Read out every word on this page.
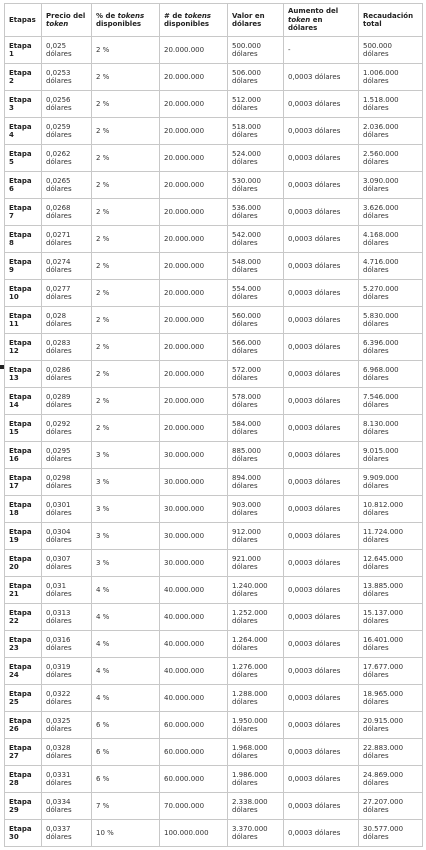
Etapas	Precio del token	% de tokens disponibles	# de tokens disponibles	Valor en dólares	Aumento del token en dólares	Recaudación total
Etapa 1	0,025 dólares	2 %	20.000.000	500.000 dólares	-	500.000 dólares
Etapa 2	0,0253 dólares	2 %	20.000.000	506.000 dólares	0,0003 dólares	1.006.000 dólares
Etapa 3	0,0256 dólares	2 %	20.000.000	512.000 dólares	0,0003 dólares	1.518.000 dólares
Etapa 4	0,0259 dólares	2 %	20.000.000	518.000 dólares	0,0003 dólares	2.036.000 dólares
Etapa 5	0,0262 dólares	2 %	20.000.000	524.000 dólares	0,0003 dólares	2.560.000 dólares
Etapa 6	0,0265 dólares	2 %	20.000.000	530.000 dólares	0,0003 dólares	3.090.000 dólares
Etapa 7	0,0268 dólares	2 %	20.000.000	536.000 dólares	0,0003 dólares	3.626.000 dólares
Etapa 8	0,0271 dólares	2 %	20.000.000	542.000 dólares	0,0003 dólares	4.168.000 dólares
Etapa 9	0,0274 dólares	2 %	20.000.000	548.000 dólares	0,0003 dólares	4.716.000 dólares
Etapa 10	0,0277 dólares	2 %	20.000.000	554.000 dólares	0,0003 dólares	5.270.000 dólares
Etapa 11	0,028 dólares	2 %	20.000.000	560.000 dólares	0,0003 dólares	5.830.000 dólares
Etapa 12	0,0283 dólares	2 %	20.000.000	566.000 dólares	0,0003 dólares	6.396.000 dólares
Etapa 13	0,0286 dólares	2 %	20.000.000	572.000 dólares	0,0003 dólares	6.968.000 dólares
Etapa 14	0,0289 dólares	2 %	20.000.000	578.000 dólares	0,0003 dólares	7.546.000 dólares
Etapa 15	0,0292 dólares	2 %	20.000.000	584.000 dólares	0,0003 dólares	8.130.000 dólares
Etapa 16	0,0295 dólares	3 %	30.000.000	885.000 dólares	0,0003 dólares	9.015.000 dólares
Etapa 17	0,0298 dólares	3 %	30.000.000	894.000 dólares	0,0003 dólares	9.909.000 dólares
Etapa 18	0,0301 dólares	3 %	30.000.000	903.000 dólares	0,0003 dólares	10.812.000 dólares
Etapa 19	0,0304 dólares	3 %	30.000.000	912.000 dólares	0,0003 dólares	11.724.000 dólares
Etapa 20	0,0307 dólares	3 %	30.000.000	921.000 dólares	0,0003 dólares	12.645.000 dólares
Etapa 21	0,031 dólares	4 %	40.000.000	1.240.000 dólares	0,0003 dólares	13.885.000 dólares
Etapa 22	0,0313 dólares	4 %	40.000.000	1.252.000 dólares	0,0003 dólares	15.137.000 dólares
Etapa 23	0,0316 dólares	4 %	40.000.000	1.264.000 dólares	0,0003 dólares	16.401.000 dólares
Etapa 24	0,0319 dólares	4 %	40.000.000	1.276.000 dólares	0,0003 dólares	17.677.000 dólares
Etapa 25	0,0322 dólares	4 %	40.000.000	1.288.000 dólares	0,0003 dólares	18.965.000 dólares
Etapa 26	0,0325 dólares	6 %	60.000.000	1.950.000 dólares	0,0003 dólares	20.915.000 dólares
Etapa 27	0,0328 dólares	6 %	60.000.000	1.968.000 dólares	0,0003 dólares	22.883.000 dólares
Etapa 28	0,0331 dólares	6 %	60.000.000	1.986.000 dólares	0,0003 dólares	24.869.000 dólares
Etapa 29	0,0334 dólares	7 %	70.000.000	2.338.000 dólares	0,0003 dólares	27.207.000 dólares
Etapa 30	0,0337 dólares	10 %	100.000.000	3.370.000 dólares	0,0003 dólares	30.577.000 dólares
